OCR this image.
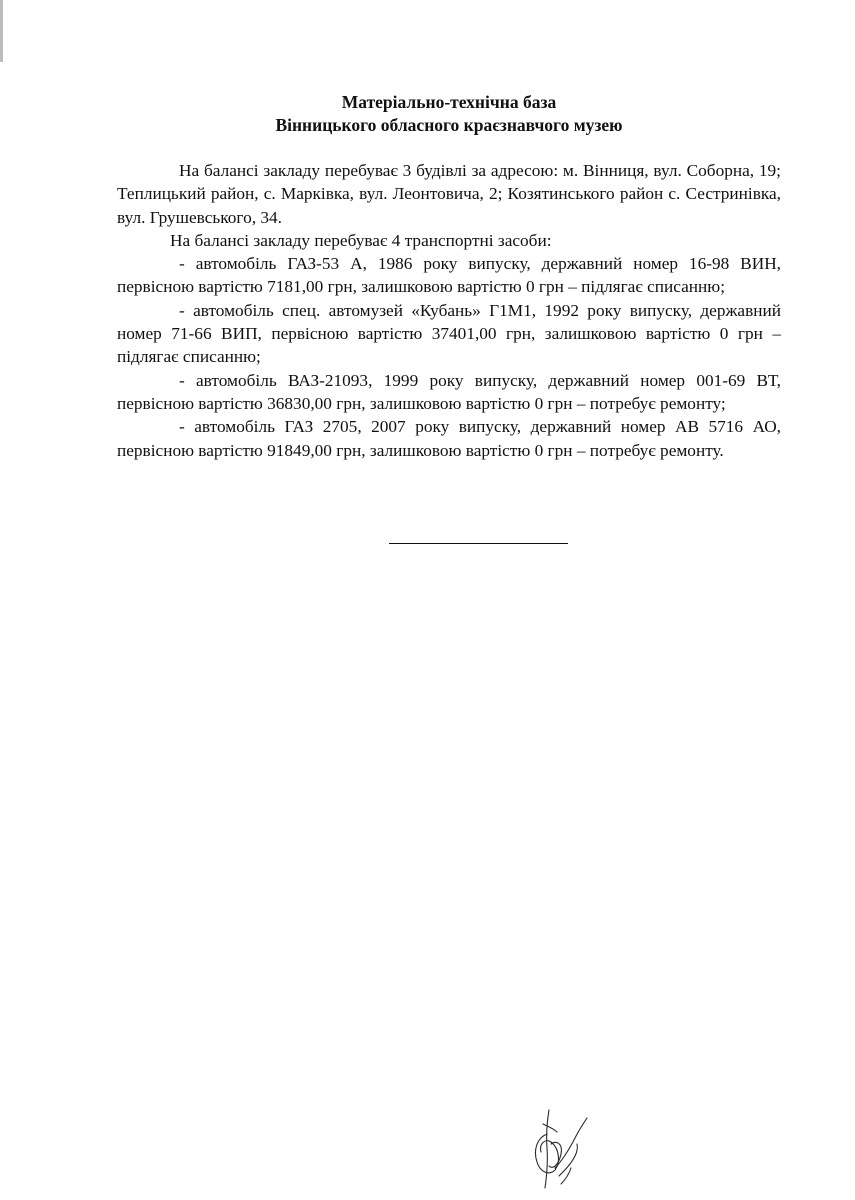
Матеріально-технічна база
Вінницького обласного краєзнавчого музею

На балансі закладу перебуває 3 будівлі за адресою: м. Вінниця, вул. Соборна, 19; Теплицький район, с. Марківка, вул. Леонтовича, 2; Козятинського район с. Сестринівка, вул. Грушевського, 34.

На балансі закладу перебуває 4 транспортні засоби:

- автомобіль ГАЗ-53 А, 1986 року випуску, державний номер 16-98 ВИН, первісною вартістю 7181,00 грн, залишковою вартістю 0 грн – підлягає списанню;

- автомобіль спец. автомузей «Кубань» Г1М1, 1992 року випуску, державний номер 71-66 ВИП, первісною вартістю 37401,00 грн, залишковою вартістю 0 грн – підлягає списанню;

- автомобіль ВАЗ-21093, 1999 року випуску, державний номер 001-69 ВТ, первісною вартістю 36830,00 грн, залишковою вартістю 0 грн – потребує ремонту;

- автомобіль ГАЗ 2705, 2007 року випуску, державний номер АВ 5716 АО, первісною вартістю 91849,00 грн, залишковою вартістю 0 грн – потребує ремонту.
